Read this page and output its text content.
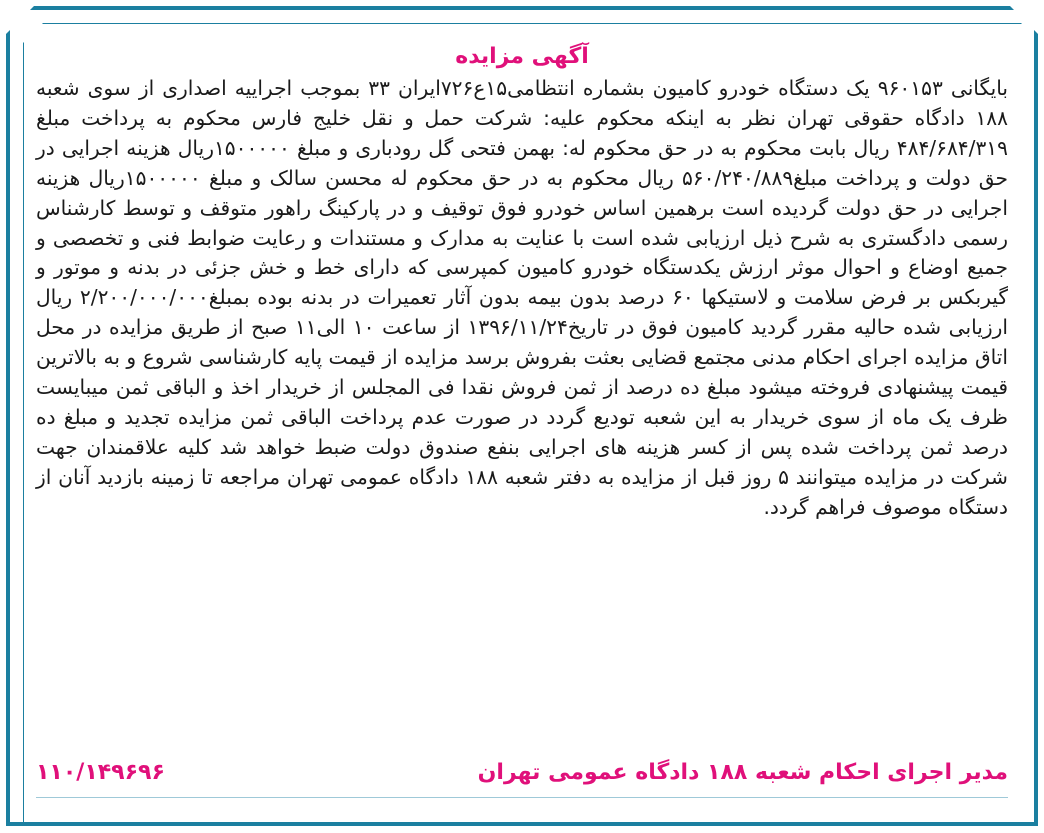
آگهی مزایده

بایگانی ۹۶۰۱۵۳ یک دستگاه خودرو کامیون بشماره انتظامی۱۵ع۷۲۶ایران ۳۳ بموجب اجراییه اصداری از سوی شعبه ۱۸۸ دادگاه حقوقی تهران نظر به اینکه محکوم علیه: شرکت حمل و نقل خلیج فارس محکوم به پرداخت مبلغ ۴۸۴/۶۸۴/۳۱۹ ریال بابت محکوم به در حق محکوم له: بهمن فتحی گل رودباری و مبلغ ۱۵۰۰۰۰۰ریال هزینه اجرایی در حق دولت و پرداخت مبلغ۵۶۰/۲۴۰/۸۸۹ ریال محکوم به در حق محکوم له محسن سالک و مبلغ ۱۵۰۰۰۰۰ریال هزینه اجرایی در حق دولت گردیده است برهمین اساس خودرو فوق توقیف و در پارکینگ راهور متوقف و توسط کارشناس رسمی دادگستری به شرح ذیل ارزیابی شده است با عنایت به مدارک و مستندات و رعایت ضوابط فنی و تخصصی و جمیع اوضاع و احوال موثر ارزش یکدستگاه خودرو کامیون کمپرسی که دارای خط و خش جزئی در بدنه و موتور و گیربکس بر فرض سلامت و لاستیکها ۶۰ درصد بدون بیمه بدون آثار تعمیرات در بدنه بوده بمبلغ۲/۲۰۰/۰۰۰/۰۰۰ ریال ارزیابی شده حالیه مقرر گردید کامیون فوق در تاریخ۱۳۹۶/۱۱/۲۴ از ساعت ۱۰ الی۱۱ صبح از طریق مزایده در محل اتاق مزایده اجرای احکام مدنی مجتمع قضایی بعثت بفروش برسد مزایده از قیمت پایه کارشناسی شروع و به بالاترین قیمت پیشنهادی فروخته میشود مبلغ ده درصد از ثمن فروش نقدا فی المجلس از خریدار اخذ و الباقی ثمن میبایست ظرف یک ماه از سوی خریدار به این شعبه تودیع گردد در صورت عدم پرداخت الباقی ثمن مزایده تجدید و مبلغ ده درصد ثمن پرداخت شده پس از کسر هزینه های اجرایی بنفع صندوق دولت ضبط خواهد شد کلیه علاقمندان جهت شرکت در مزایده میتوانند ۵ روز قبل از مزایده به دفتر شعبه ۱۸۸ دادگاه عمومی تهران مراجعه تا زمینه بازدید آنان از دستگاه موصوف فراهم گردد.

مدیر اجرای احکام شعبه ۱۸۸ دادگاه عمومی تهران
۱۱۰/۱۴۹۶۹۶
